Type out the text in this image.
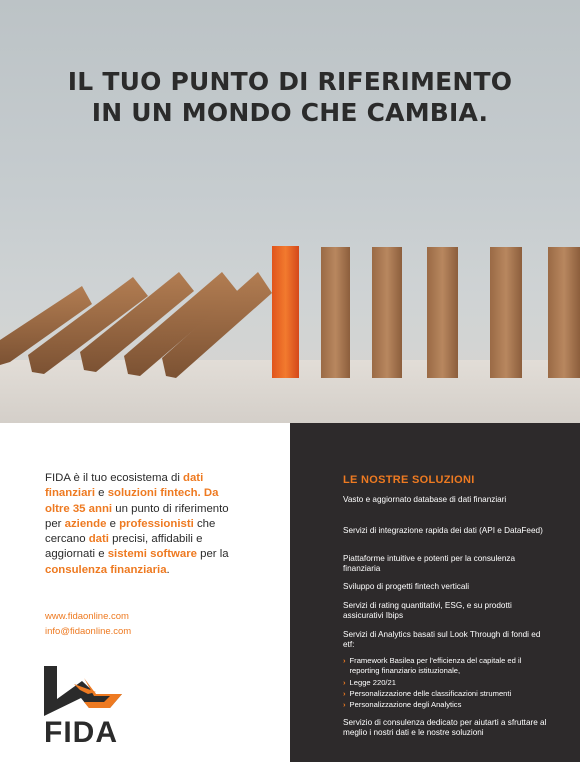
IL TUO PUNTO DI RIFERIMENTO
IN UN MONDO CHE CAMBIA.

FIDA è il tuo ecosistema di dati finanziari e soluzioni fintech. Da oltre 35 anni un punto di riferimento per aziende e professionisti che cercano dati precisi, affidabili e aggiornati e sistemi software per la consulenza finanziaria.

www.fidaonline.com
info@fidaonline.com
FIDA
LE NOSTRE SOLUZIONI

Vasto e aggiornato database di dati finanziari

Servizi di integrazione rapida dei dati (API e DataFeed)

Piattaforme intuitive e potenti per la consulenza finanziaria

Sviluppo di progetti fintech verticali

Servizi di rating quantitativi, ESG, e su prodotti assicurativi Ibips

Servizi di Analytics basati sul Look Through di fondi ed etf:

› Framework Basilea per l'efficienza del capitale ed il reporting finanziario istituzionale,
› Legge 220/21
› Personalizzazione delle classificazioni strumenti
› Personalizzazione degli Analytics

Servizio di consulenza dedicato per aiutarti a sfruttare al meglio i nostri dati e le nostre soluzioni
